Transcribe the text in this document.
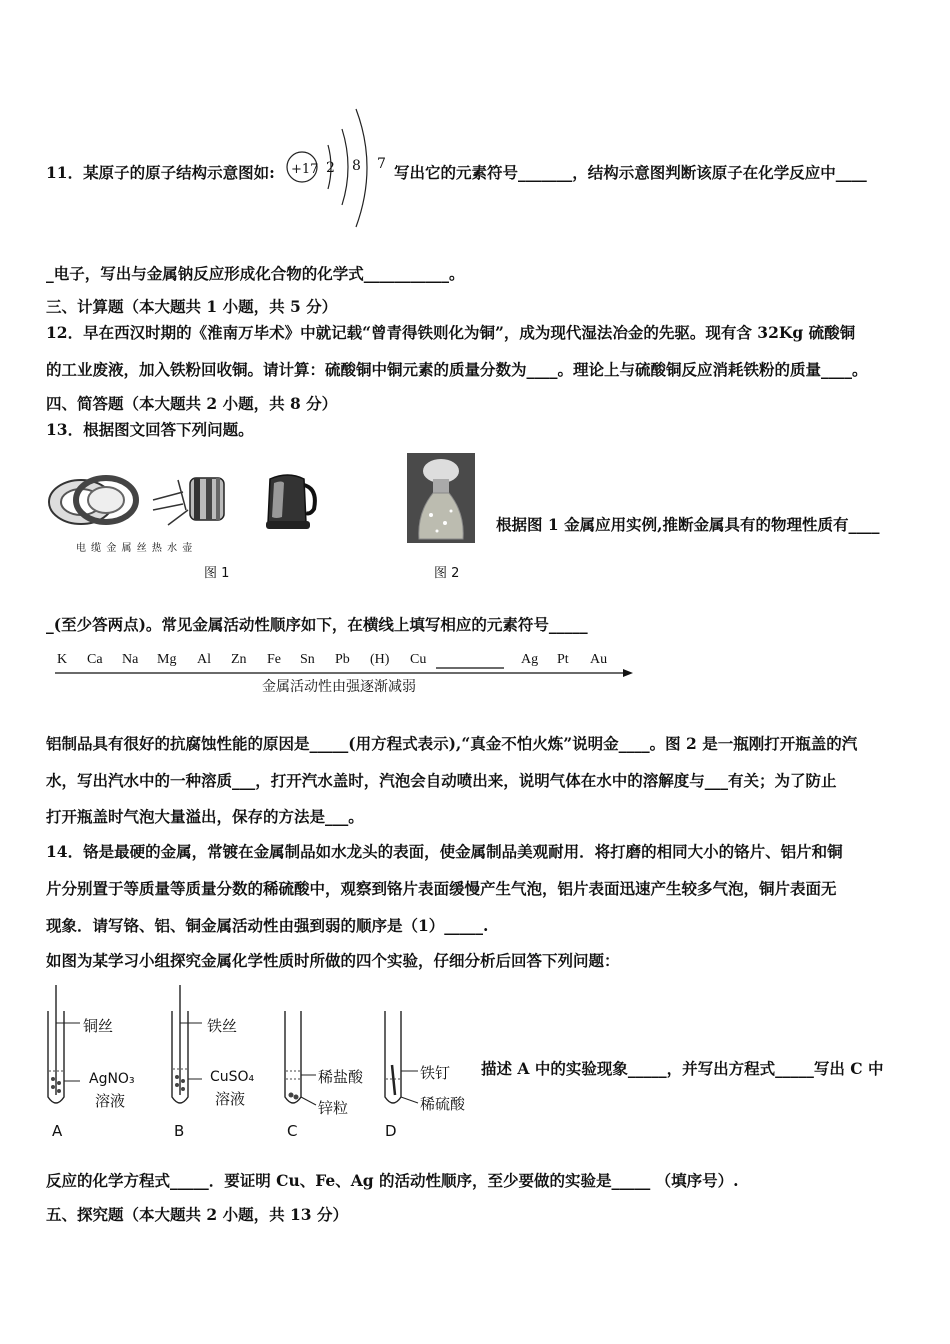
11．某原子的原子结构示意图如: +17 2 8 7 写出它的元素符号_______，结构示意图判断该原子在化学反应中____
_电子，写出与金属钠反应形成化合物的化学式___________。
三、计算题（本大题共 1 小题，共 5 分）
12．早在西汉时期的《淮南万毕术》中就记载“曾青得铁则化为铜”，成为现代湿法冶金的先驱。现有含 32Kg 硫酸铜
的工业废液，加入铁粉回收铜。请计算：硫酸铜中铜元素的质量分数为____。理论上与硫酸铜反应消耗铁粉的质量____。
四、简答题（本大题共 2 小题，共 8 分）
13．根据图文回答下列问题。
电 缆 金 属 丝 热 水 壶
图 1	图 2
根据图 1 金属应用实例,推断金属具有的物理性质有____
_(至少答两点)。常见金属活动性顺序如下，在横线上填写相应的元素符号_____
K Ca Na Mg Al Zn Fe Sn Pb (H) Cu	Ag Pt Au
金属活动性由强逐渐减弱
铝制品具有很好的抗腐蚀性能的原因是_____(用方程式表示),“真金不怕火炼”说明金____。图 2 是一瓶刚打开瓶盖的汽
水，写出汽水中的一种溶质___，打开汽水盖时，汽泡会自动喷出来，说明气体在水中的溶解度与___有关；为了防止
打开瓶盖时气泡大量溢出，保存的方法是___。
14．铬是最硬的金属，常镀在金属制品如水龙头的表面，使金属制品美观耐用．将打磨的相同大小的铬片、铝片和铜
片分别置于等质量等质量分数的稀硫酸中，观察到铬片表面缓慢产生气泡，铝片表面迅速产生较多气泡，铜片表面无
现象．请写铬、铝、铜金属活动性由强到弱的顺序是（1）_____.
如图为某学习小组探究金属化学性质时所做的四个实验，仔细分析后回答下列问题：
铜丝
AgNO₃
溶液
A
铁丝
CuSO₄
溶液
B
稀盐酸
锌粒
C
铁钉
稀硫酸
D
描述 A 中的实验现象_____，并写出方程式_____写出 C 中
反应的化学方程式_____．要证明 Cu、Fe、Ag 的活动性顺序，至少要做的实验是_____ （填序号）.
五、探究题（本大题共 2 小题，共 13 分）
